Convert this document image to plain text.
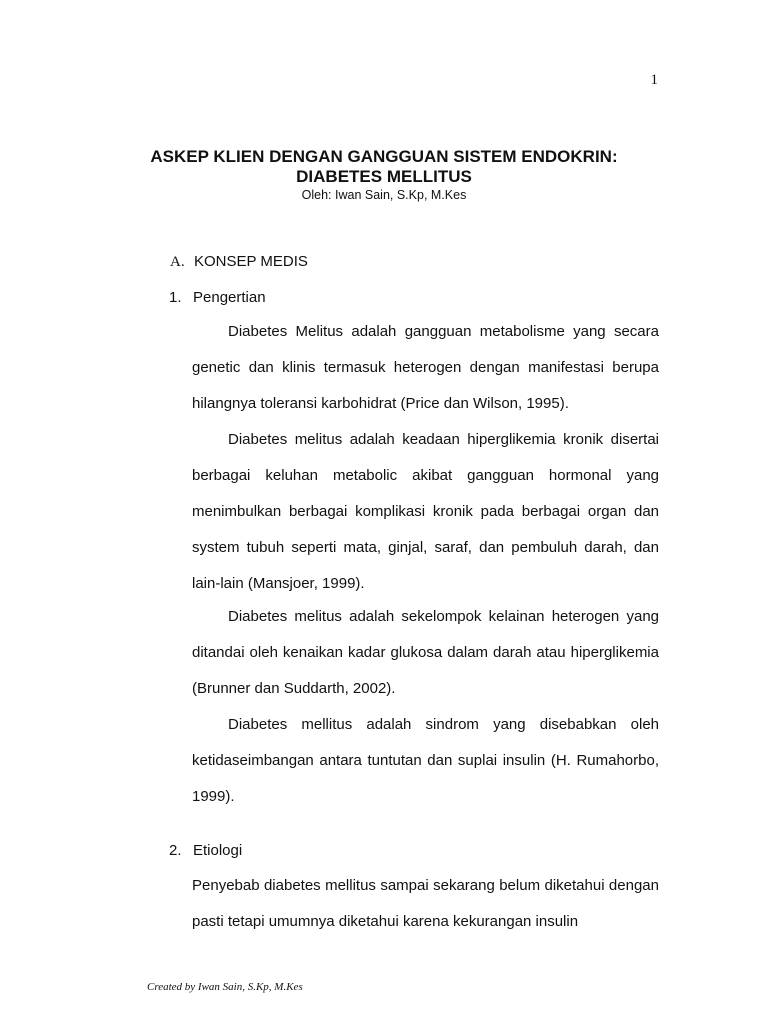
1
ASKEP KLIEN DENGAN GANGGUAN SISTEM ENDOKRIN:
DIABETES MELLITUS
Oleh: Iwan Sain, S.Kp, M.Kes
A. KONSEP MEDIS
1. Pengertian

Diabetes Melitus adalah gangguan metabolisme yang secara genetic dan klinis termasuk heterogen dengan manifestasi berupa hilangnya toleransi karbohidrat (Price dan Wilson, 1995).

Diabetes melitus adalah keadaan hiperglikemia kronik disertai berbagai keluhan metabolic akibat gangguan hormonal yang menimbulkan berbagai komplikasi kronik pada berbagai organ dan system tubuh seperti mata, ginjal, saraf, dan pembuluh darah, dan lain-lain (Mansjoer, 1999).

Diabetes melitus adalah sekelompok kelainan heterogen yang ditandai oleh kenaikan kadar glukosa dalam darah atau hiperglikemia (Brunner dan Suddarth, 2002).

Diabetes mellitus adalah sindrom yang disebabkan oleh ketidaseimbangan antara tuntutan dan suplai insulin (H. Rumahorbo, 1999).

2. Etiologi

Penyebab diabetes mellitus sampai sekarang belum diketahui dengan pasti tetapi umumnya diketahui karena kekurangan insulin

Created by Iwan Sain, S.Kp, M.Kes
